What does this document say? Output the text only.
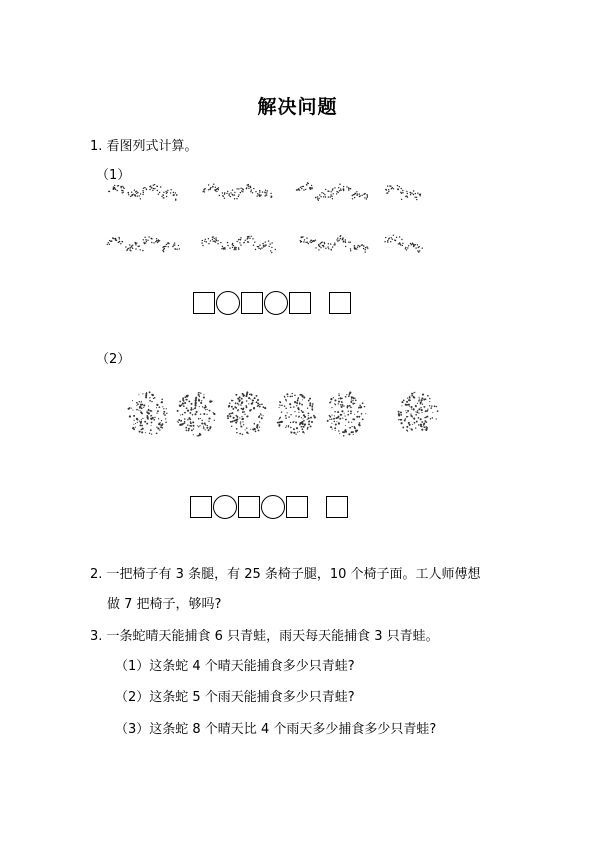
解决问题
1. 看图列式计算。
（1）
（2）
2. 一把椅子有 3 条腿，有 25 条椅子腿，10 个椅子面。工人师傅想
做 7 把椅子，够吗?
3. 一条蛇晴天能捕食 6 只青蛙，雨天每天能捕食 3 只青蛙。
（1）这条蛇 4 个晴天能捕食多少只青蛙?
（2）这条蛇 5 个雨天能捕食多少只青蛙?
（3）这条蛇 8 个晴天比 4 个雨天多少捕食多少只青蛙?
